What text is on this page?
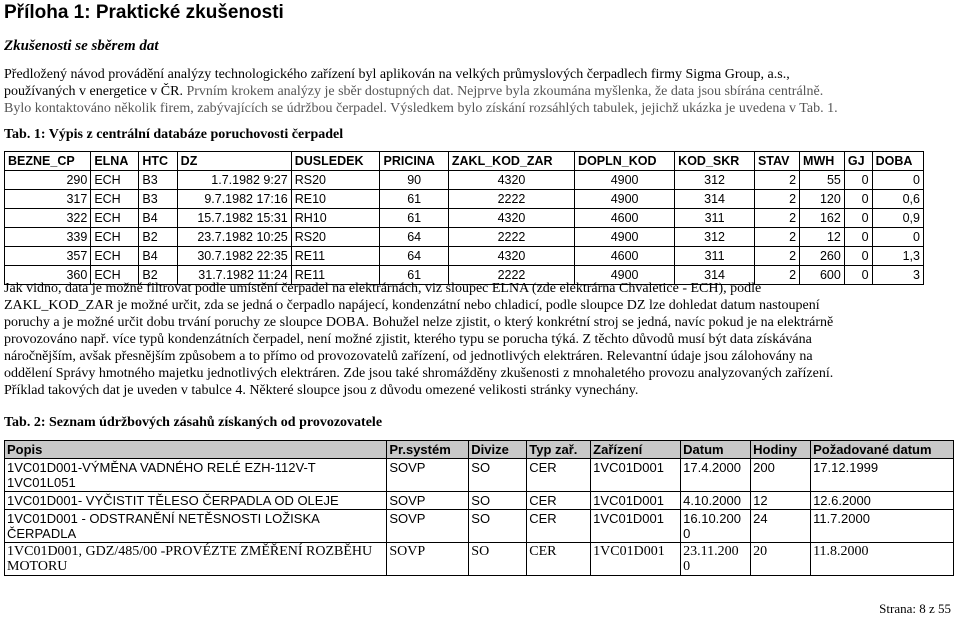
Příloha 1: Praktické zkušenosti
Zkušenosti se sběrem dat
Předložený návod provádění analýzy technologického zařízení byl aplikován na velkých průmyslových čerpadlech firmy Sigma Group, a.s.,
používaných v energetice v ČR. Prvním krokem analýzy je sběr dostupných dat. Nejprve byla zkoumána myšlenka, že data jsou sbírána centrálně.
Bylo kontaktováno několik firem, zabývajících se údržbou čerpadel. Výsledkem bylo získání rozsáhlých tabulek, jejichž ukázka je uvedena v Tab. 1.
Tab. 1: Výpis z centrální databáze poruchovosti čerpadel
BEZNE_CP	ELNA	HTC	DZ	DUSLEDEK	PRICINA	ZAKL_KOD_ZAR	DOPLN_KOD	KOD_SKR	STAV	MWH	GJ	DOBA
290	ECH	B3	1.7.1982 9:27	RS20	90	4320	4900	312	2	55	0	0
317	ECH	B3	9.7.1982 17:16	RE10	61	2222	4900	314	2	120	0	0,6
322	ECH	B4	15.7.1982 15:31	RH10	61	4320	4600	311	2	162	0	0,9
339	ECH	B2	23.7.1982 10:25	RS20	64	2222	4900	312	2	12	0	0
357	ECH	B4	30.7.1982 22:35	RE11	64	4320	4600	311	2	260	0	1,3
360	ECH	B2	31.7.1982 11:24	RE11	61	2222	4900	314	2	600	0	3
Jak vidno, data je možné filtrovat podle umístění čerpadel na elektrárnách, viz sloupec ELNA (zde elektrárna Chvaletice - ECH), podle
ZAKL_KOD_ZAR je možné určit, zda se jedná o čerpadlo napájecí, kondenzátní nebo chladicí, podle sloupce DZ lze dohledat datum nastoupení
poruchy a je možné určit dobu trvání poruchy ze sloupce DOBA. Bohužel nelze zjistit, o který konkrétní stroj se jedná, navíc pokud je na elektrárně
provozováno např. více typů kondenzátních čerpadel, není možné zjistit, kterého typu se porucha týká. Z těchto důvodů musí být data získávána
náročnějším, avšak přesnějším způsobem a to přímo od provozovatelů zařízení, od jednotlivých elektráren. Relevantní údaje jsou zálohovány na
oddělení Správy hmotného majetku jednotlivých elektráren. Zde jsou také shromážděny zkušenosti z mnohaletého provozu analyzovaných zařízení.
Příklad takových dat je uveden v tabulce 4. Některé sloupce jsou z důvodu omezené velikosti stránky vynechány.
Tab. 2: Seznam údržbových zásahů získaných od provozovatele
Popis	Pr.systém	Divize	Typ zař.	Zařízení	Datum	Hodiny	Požadované datum
1VC01D001-VÝMĚNA VADNÉHO RELÉ EZH-112V-T 1VC01L051	SOVP	SO	CER	1VC01D001	17.4.2000	200	17.12.1999
1VC01D001- VYČISTIT TĚLESO ČERPADLA OD OLEJE	SOVP	SO	CER	1VC01D001	4.10.2000	12	12.6.2000
1VC01D001 - ODSTRANĚNÍ NETĚSNOSTI LOŽISKA ČERPADLA	SOVP	SO	CER	1VC01D001	16.10.200 0	24	11.7.2000
1VC01D001, GDZ/485/00 -PROVÉZTE ZMĚŘENÍ ROZBĚHU MOTORU	SOVP	SO	CER	1VC01D001	23.11.200 0	20	11.8.2000
Strana: 8 z 55
